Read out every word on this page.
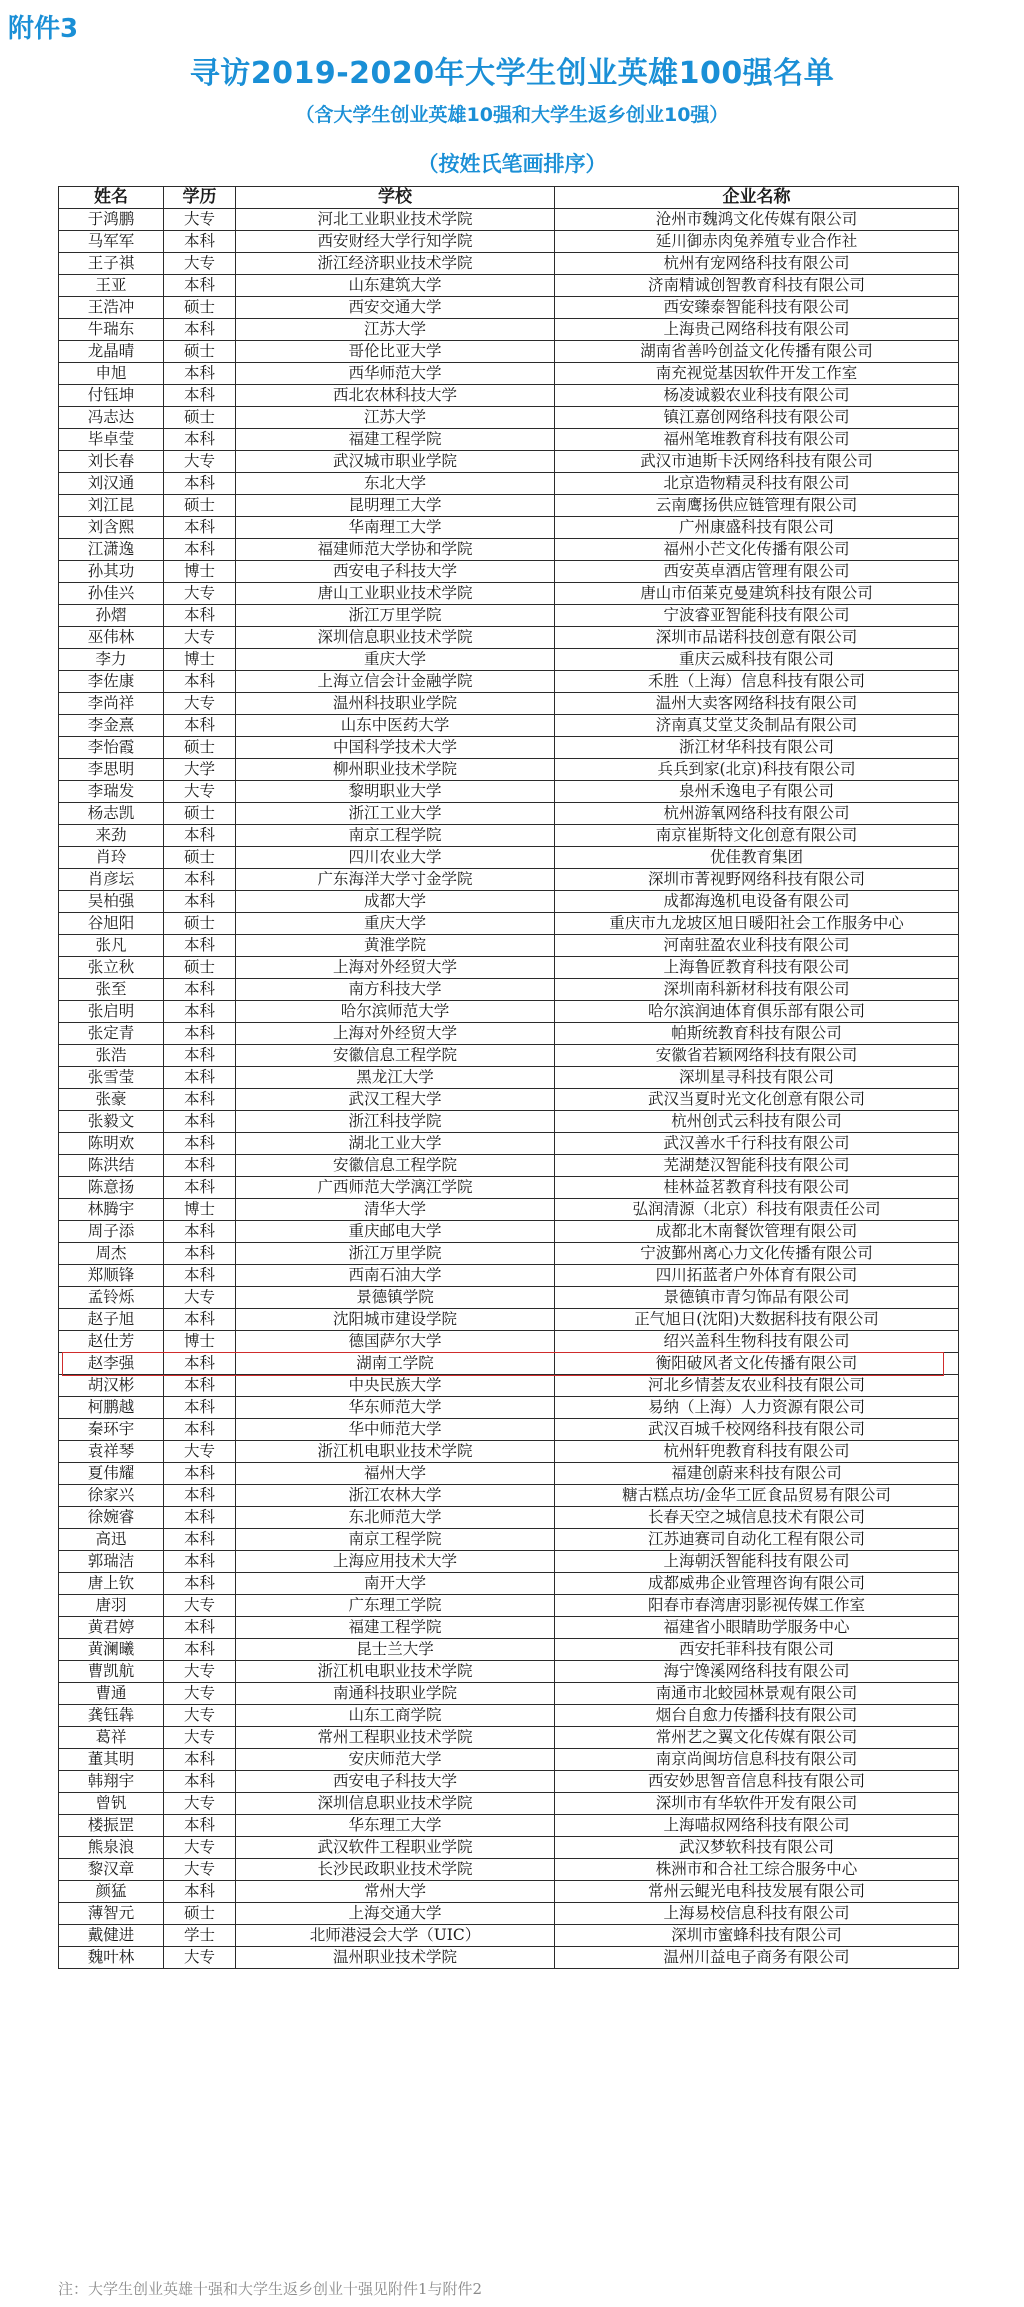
附件3
寻访2019-2020年大学生创业英雄100强名单
（含大学生创业英雄10强和大学生返乡创业10强）
（按姓氏笔画排序）
姓名	学历	学校	企业名称
于鸿鹏	大专	河北工业职业技术学院	沧州市魏鸿文化传媒有限公司
马军军	本科	西安财经大学行知学院	延川御赤肉兔养殖专业合作社
王子祺	大专	浙江经济职业技术学院	杭州有宠网络科技有限公司
王亚	本科	山东建筑大学	济南精诚创智教育科技有限公司
王浩冲	硕士	西安交通大学	西安臻泰智能科技有限公司
牛瑞东	本科	江苏大学	上海贵己网络科技有限公司
龙晶晴	硕士	哥伦比亚大学	湖南省善吟创益文化传播有限公司
申旭	本科	西华师范大学	南充视觉基因软件开发工作室
付钰坤	本科	西北农林科技大学	杨凌诚毅农业科技有限公司
冯志达	硕士	江苏大学	镇江嘉创网络科技有限公司
毕卓莹	本科	福建工程学院	福州笔堆教育科技有限公司
刘长春	大专	武汉城市职业学院	武汉市迪斯卡沃网络科技有限公司
刘汉通	本科	东北大学	北京造物精灵科技有限公司
刘江昆	硕士	昆明理工大学	云南鹰扬供应链管理有限公司
刘含熙	本科	华南理工大学	广州康盛科技有限公司
江潇逸	本科	福建师范大学协和学院	福州小芒文化传播有限公司
孙其功	博士	西安电子科技大学	西安英卓酒店管理有限公司
孙佳兴	大专	唐山工业职业技术学院	唐山市佰莱克曼建筑科技有限公司
孙熠	本科	浙江万里学院	宁波睿亚智能科技有限公司
巫伟林	大专	深圳信息职业技术学院	深圳市品诺科技创意有限公司
李力	博士	重庆大学	重庆云威科技有限公司
李佐康	本科	上海立信会计金融学院	禾胜（上海）信息科技有限公司
李尚祥	大专	温州科技职业学院	温州大卖客网络科技有限公司
李金熹	本科	山东中医药大学	济南真艾堂艾灸制品有限公司
李怡霞	硕士	中国科学技术大学	浙江材华科技有限公司
李思明	大学	柳州职业技术学院	兵兵到家(北京)科技有限公司
李瑞发	大专	黎明职业大学	泉州禾逸电子有限公司
杨志凯	硕士	浙江工业大学	杭州游氧网络科技有限公司
来劲	本科	南京工程学院	南京崔斯特文化创意有限公司
肖玲	硕士	四川农业大学	优佳教育集团
肖彦坛	本科	广东海洋大学寸金学院	深圳市菁视野网络科技有限公司
吴柏强	本科	成都大学	成都海逸机电设备有限公司
谷旭阳	硕士	重庆大学	重庆市九龙坡区旭日暖阳社会工作服务中心
张凡	本科	黄淮学院	河南驻盈农业科技有限公司
张立秋	硕士	上海对外经贸大学	上海鲁匠教育科技有限公司
张至	本科	南方科技大学	深圳南科新材科技有限公司
张启明	本科	哈尔滨师范大学	哈尔滨润迪体育俱乐部有限公司
张定青	本科	上海对外经贸大学	帕斯统教育科技有限公司
张浩	本科	安徽信息工程学院	安徽省若颖网络科技有限公司
张雪莹	本科	黑龙江大学	深圳星寻科技有限公司
张豪	本科	武汉工程大学	武汉当夏时光文化创意有限公司
张毅文	本科	浙江科技学院	杭州创式云科技有限公司
陈明欢	本科	湖北工业大学	武汉善水千行科技有限公司
陈洪结	本科	安徽信息工程学院	芜湖楚汉智能科技有限公司
陈意扬	本科	广西师范大学漓江学院	桂林益茗教育科技有限公司
林腾宇	博士	清华大学	弘润清源（北京）科技有限责任公司
周子添	本科	重庆邮电大学	成都北木南餐饮管理有限公司
周杰	本科	浙江万里学院	宁波鄞州离心力文化传播有限公司
郑顺锋	本科	西南石油大学	四川拓蓝者户外体育有限公司
孟铃烁	大专	景德镇学院	景德镇市青匀饰品有限公司
赵子旭	本科	沈阳城市建设学院	正气旭日(沈阳)大数据科技有限公司
赵仕芳	博士	德国萨尔大学	绍兴盖科生物科技有限公司
赵李强	本科	湖南工学院	衡阳破风者文化传播有限公司
胡汉彬	本科	中央民族大学	河北乡情荟友农业科技有限公司
柯鹏越	本科	华东师范大学	易纳（上海）人力资源有限公司
秦环宇	本科	华中师范大学	武汉百城千校网络科技有限公司
袁祥琴	大专	浙江机电职业技术学院	杭州轩兜教育科技有限公司
夏伟耀	本科	福州大学	福建创蔚来科技有限公司
徐家兴	本科	浙江农林大学	糖古糕点坊/金华工匠食品贸易有限公司
徐婉睿	本科	东北师范大学	长春天空之城信息技术有限公司
高迅	本科	南京工程学院	江苏迪赛司自动化工程有限公司
郭瑞洁	本科	上海应用技术大学	上海朝沃智能科技有限公司
唐上钦	本科	南开大学	成都威弗企业管理咨询有限公司
唐羽	大专	广东理工学院	阳春市春湾唐羽影视传媒工作室
黄君婷	本科	福建工程学院	福建省小眼睛助学服务中心
黄澜曦	本科	昆士兰大学	西安托菲科技有限公司
曹凯航	大专	浙江机电职业技术学院	海宁馋溪网络科技有限公司
曹通	大专	南通科技职业学院	南通市北蛟园林景观有限公司
龚钰犇	大专	山东工商学院	烟台自愈力传播科技有限公司
葛祥	大专	常州工程职业技术学院	常州艺之翼文化传媒有限公司
董其明	本科	安庆师范大学	南京尚闽坊信息科技有限公司
韩翔宇	本科	西安电子科技大学	西安妙思智音信息科技有限公司
曾钒	大专	深圳信息职业技术学院	深圳市有华软件开发有限公司
楼振罡	本科	华东理工大学	上海喵叔网络科技有限公司
熊泉浪	大专	武汉软件工程职业学院	武汉梦软科技有限公司
黎汉章	大专	长沙民政职业技术学院	株洲市和合社工综合服务中心
颜猛	本科	常州大学	常州云鲲光电科技发展有限公司
薄智元	硕士	上海交通大学	上海易校信息科技有限公司
戴健进	学士	北师港浸会大学（UIC）	深圳市蜜蜂科技有限公司
魏叶林	大专	温州职业技术学院	温州川益电子商务有限公司
注：大学生创业英雄十强和大学生返乡创业十强见附件1与附件2
